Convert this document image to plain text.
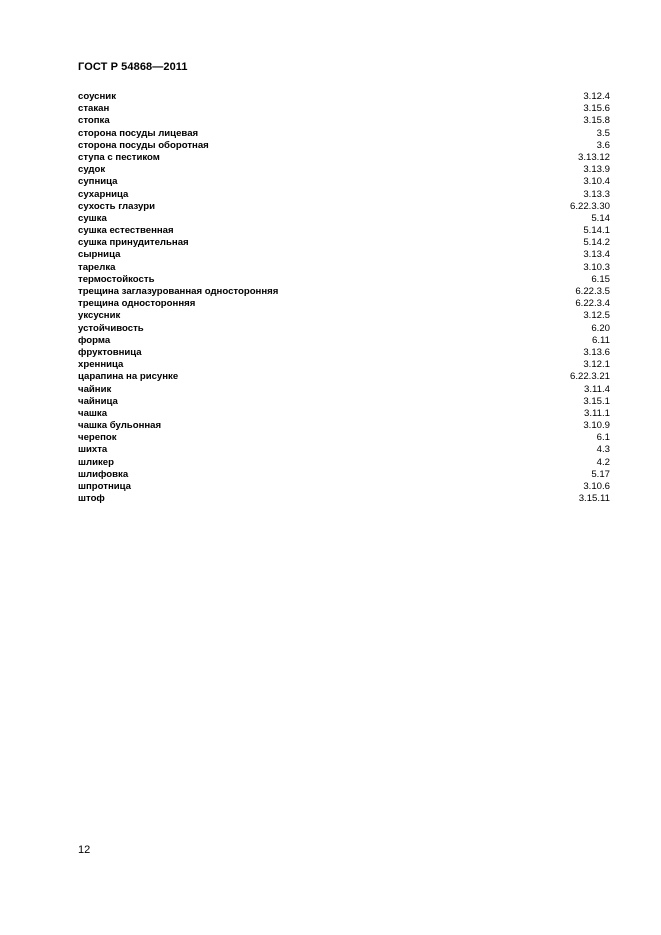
ГОСТ Р 54868—2011
соусник	3.12.4
стакан	3.15.6
стопка	3.15.8
сторона посуды лицевая	3.5
сторона посуды оборотная	3.6
ступа с пестиком	3.13.12
судок	3.13.9
супница	3.10.4
сухарница	3.13.3
сухость глазури	6.22.3.30
сушка	5.14
сушка естественная	5.14.1
сушка принудительная	5.14.2
сырница	3.13.4
тарелка	3.10.3
термостойкость	6.15
трещина заглазурованная односторонняя	6.22.3.5
трещина односторонняя	6.22.3.4
уксусник	3.12.5
устойчивость	6.20
форма	6.11
фруктовница	3.13.6
хренница	3.12.1
царапина на рисунке	6.22.3.21
чайник	3.11.4
чайница	3.15.1
чашка	3.11.1
чашка бульонная	3.10.9
черепок	6.1
шихта	4.3
шликер	4.2
шлифовка	5.17
шпротница	3.10.6
штоф	3.15.11
12
